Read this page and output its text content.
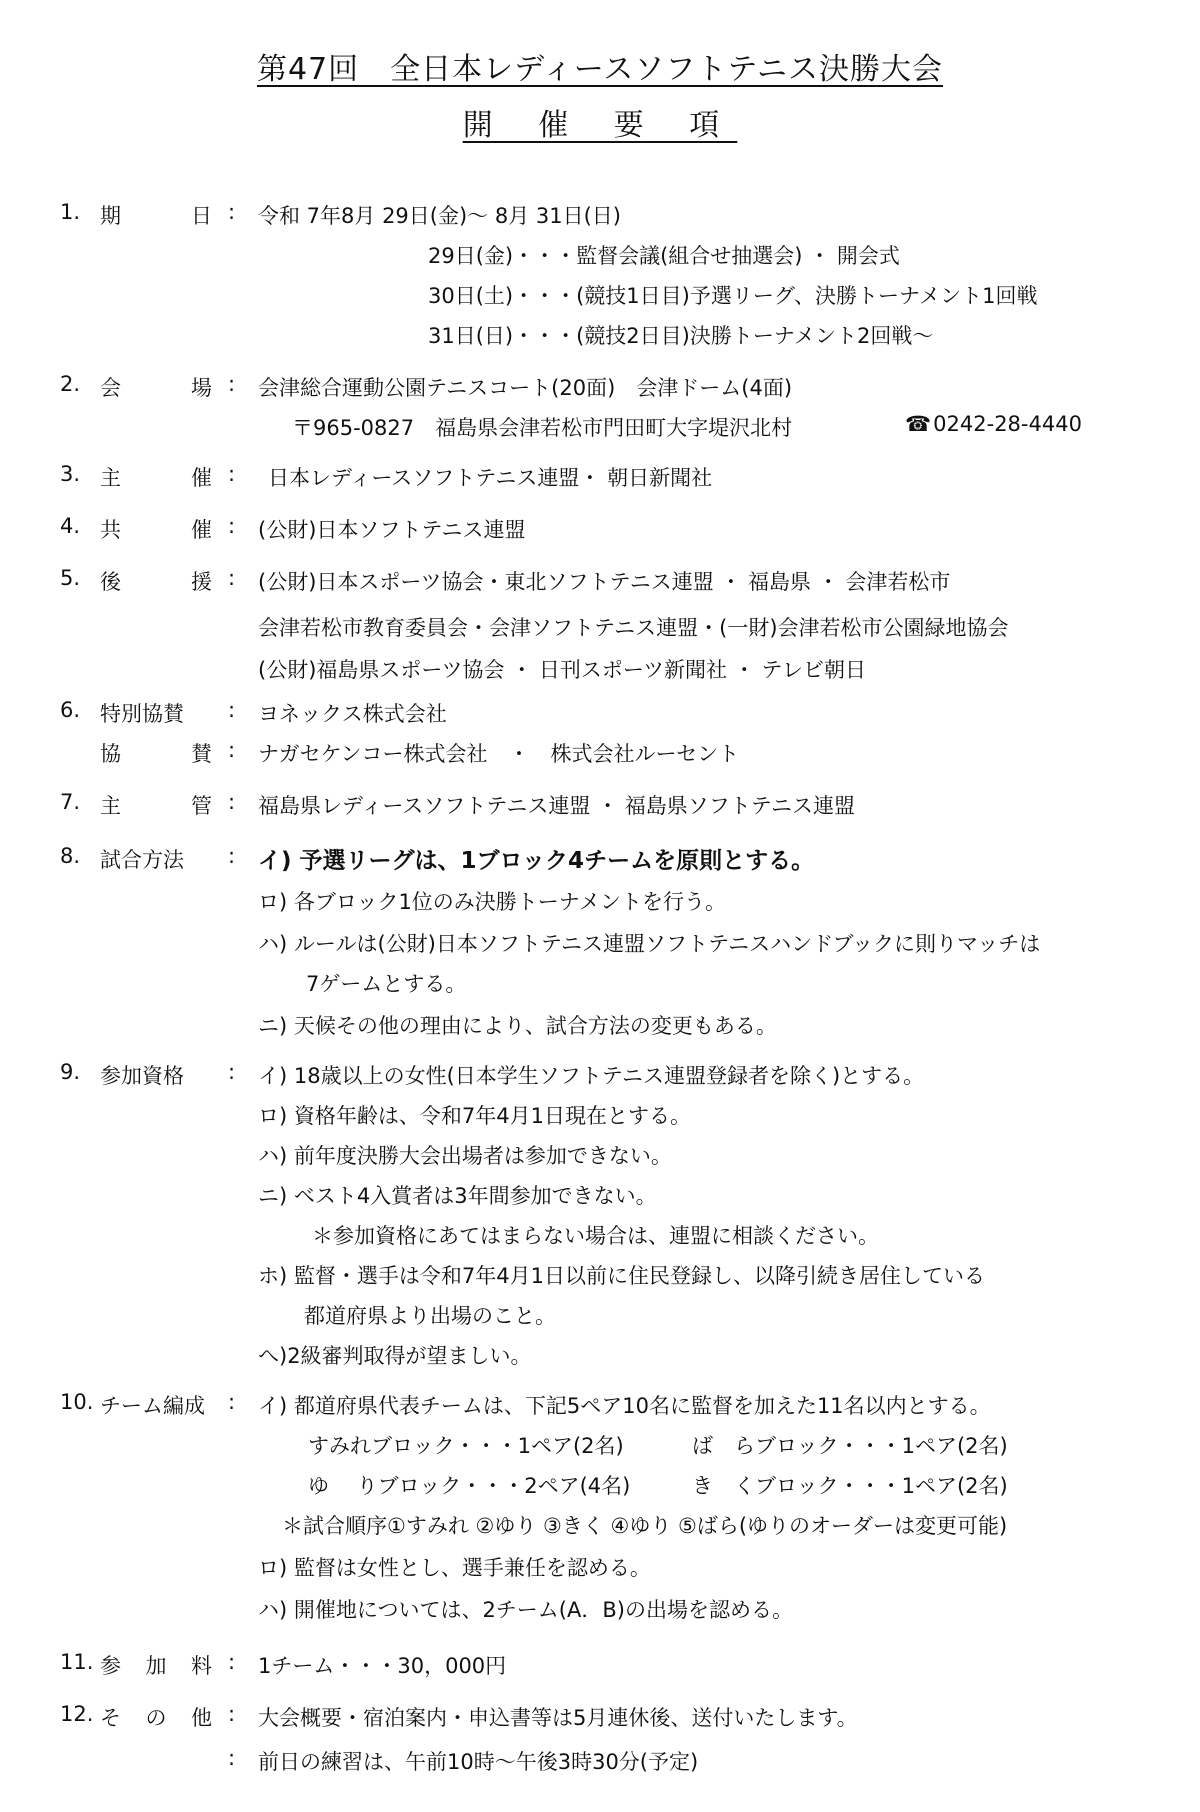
第47回　全日本レディースソフトテニス決勝大会
開 催 要 項
1. 期	日 : 令和 7年8月 29日(金)～ 8月 31日(日)
29日(金)・・・監督会議(組合せ抽選会) ・ 開会式
30日(土)・・・(競技1日目)予選リーグ、決勝トーナメント1回戦
31日(日)・・・(競技2日目)決勝トーナメント2回戦～
2. 会	場 : 会津総合運動公園テニスコート(20面)　会津ドーム(4面)
〒965-0827　福島県会津若松市門田町大字堤沢北村	☎0242-28-4440
3. 主	催 : 日本レディースソフトテニス連盟・ 朝日新聞社
4. 共	催 : (公財)日本ソフトテニス連盟
5. 後	援 : (公財)日本スポーツ協会・東北ソフトテニス連盟 ・ 福島県 ・ 会津若松市
会津若松市教育委員会・会津ソフトテニス連盟・(一財)会津若松市公園緑地協会
(公財)福島県スポーツ協会 ・ 日刊スポーツ新聞社 ・ テレビ朝日
6. 特別協賛 : ヨネックス株式会社
協	賛 : ナガセケンコー株式会社　・　株式会社ルーセント
7. 主	管 : 福島県レディースソフトテニス連盟 ・ 福島県ソフトテニス連盟
8. 試合方法 : イ) 予選リーグは、1ブロック4チームを原則とする。
ロ) 各ブロック1位のみ決勝トーナメントを行う。
ハ) ルールは(公財)日本ソフトテニス連盟ソフトテニスハンドブックに則りマッチは
7ゲームとする。
ニ) 天候その他の理由により、試合方法の変更もある。
9. 参加資格 : イ) 18歳以上の女性(日本学生ソフトテニス連盟登録者を除く)とする。
ロ) 資格年齢は、令和7年4月1日現在とする。
ハ) 前年度決勝大会出場者は参加できない。
ニ) ベスト4入賞者は3年間参加できない。
＊参加資格にあてはまらない場合は、連盟に相談ください。
ホ) 監督・選手は令和7年4月1日以前に住民登録し、以降引続き居住している
都道府県より出場のこと。
へ)2級審判取得が望ましい。
10. チーム編成 : イ) 都道府県代表チームは、下記5ペア10名に監督を加えた11名以内とする。
すみれブロック・・・1ペア(2名)	ば　らブロック・・・1ペア(2名)
ゆ　 りブロック・・・2ペア(4名)	き　くブロック・・・1ペア(2名)
＊試合順序①すみれ ②ゆり ③きく ④ゆり ⑤ばら(ゆりのオーダーは変更可能)
ロ) 監督は女性とし、選手兼任を認める。
ハ) 開催地については、2チーム(A．B)の出場を認める。
11. 参 加 料 : 1チーム・・・30，000円
12. そ の 他 : 大会概要・宿泊案内・申込書等は5月連休後、送付いたします。
: 前日の練習は、午前10時～午後3時30分(予定)
